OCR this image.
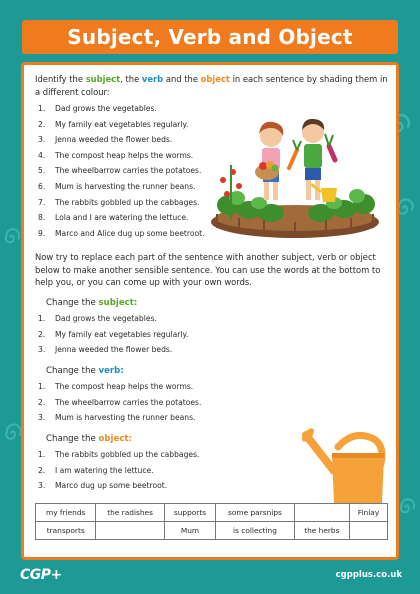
Subject, Verb and Object

Identify the subject, the verb and the object in each sentence by shading them in a different colour:

1.	Dad grows the vegetables.
2.	My family eat vegetables regularly.
3.	Jenna weeded the flower beds.
4.	The compost heap helps the worms.
5.	The wheelbarrow carries the potatoes.
6.	Mum is harvesting the runner beans.
7.	The rabbits gobbled up the cabbages.
8.	Lola and I are watering the lettuce.
9.	Marco and Alice dug up some beetroot.

Now try to replace each part of the sentence with another subject, verb or object below to make another sensible sentence. You can use the words at the bottom to help you, or you can come up with your own words.

Change the subject:
1.	Dad grows the vegetables.
2.	My family eat vegetables regularly.
3.	Jenna weeded the flower beds.
Change the verb:
1.	The compost heap helps the worms.
2.	The wheelbarrow carries the potatoes.
3.	Mum is harvesting the runner beans.
Change the object:
1.	The rabbits gobbled up the cabbages.
2.	I am watering the lettuce.
3.	Marco dug up some beetroot.
my friends	the radishes	supports	some parsnips		Finlay
transports		Mum	is collecting	the herbs	
CGP+	cgpplus.co.uk
